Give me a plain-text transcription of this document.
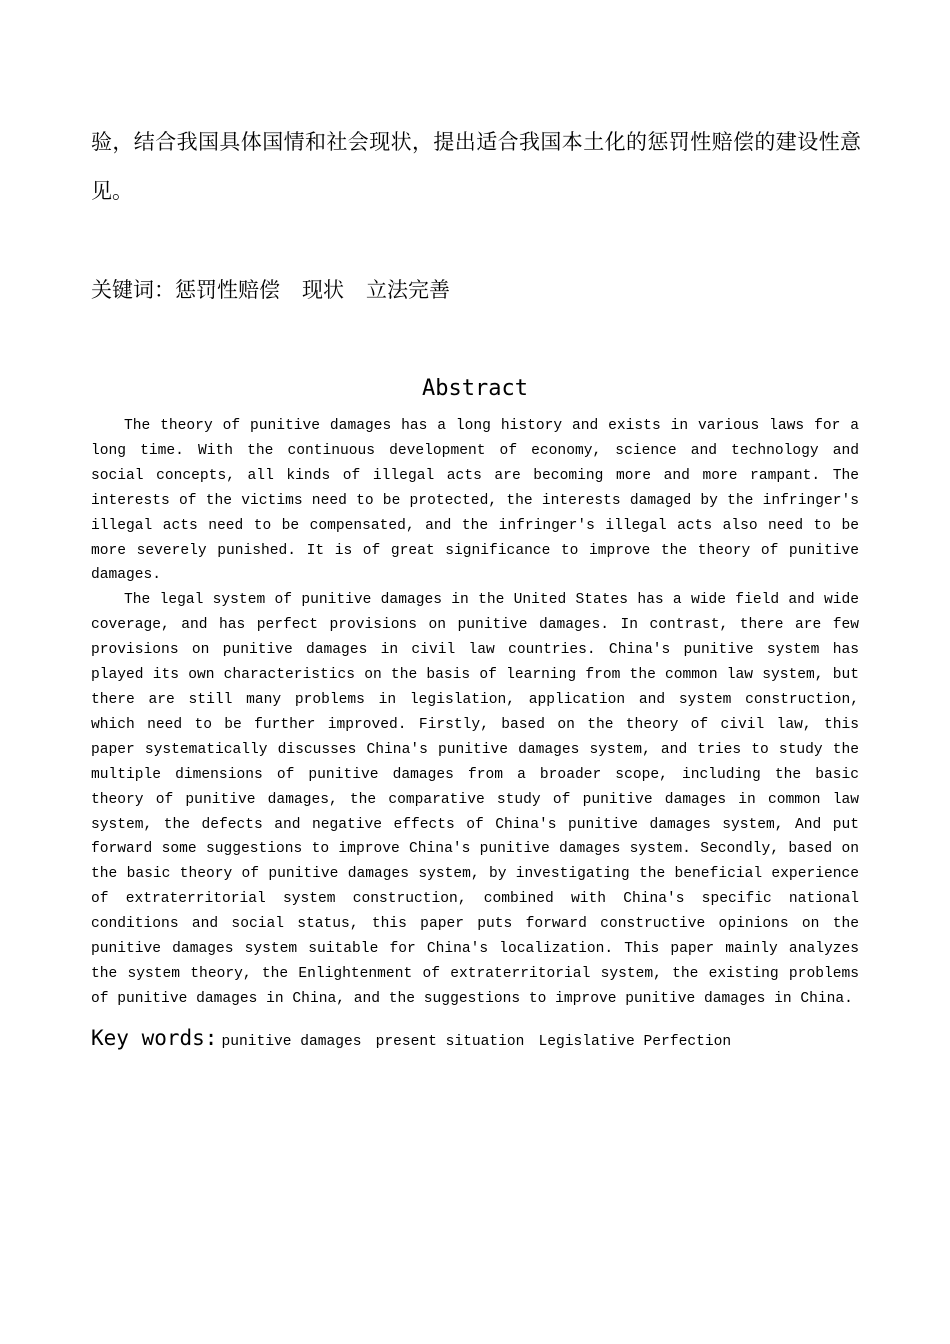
验，结合我国具体国情和社会现状，提出适合我国本土化的惩罚性赔偿的建设性意见。

关键词：惩罚性赔偿 现状 立法完善

Abstract

The theory of punitive damages has a long history and exists in various laws for a long time. With the continuous development of economy, science and technology and social concepts, all kinds of illegal acts are becoming more and more rampant. The interests of the victims need to be protected, the interests damaged by the infringer's illegal acts need to be compensated, and the infringer's illegal acts also need to be more severely punished. It is of great significance to improve the theory of punitive damages.

The legal system of punitive damages in the United States has a wide field and wide coverage, and has perfect provisions on punitive damages. In contrast, there are few provisions on punitive damages in civil law countries. China's punitive system has played its own characteristics on the basis of learning from the common law system, but there are still many problems in legislation, application and system construction, which need to be further improved. Firstly, based on the theory of civil law, this paper systematically discusses China's punitive damages system, and tries to study the multiple dimensions of punitive damages from a broader scope, including the basic theory of punitive damages, the comparative study of punitive damages in common law system, the defects and negative effects of China's punitive damages system, And put forward some suggestions to improve China's punitive damages system. Secondly, based on the basic theory of punitive damages system, by investigating the beneficial experience of extraterritorial system construction, combined with China's specific national conditions and social status, this paper puts forward constructive opinions on the punitive damages system suitable for China's localization. This paper mainly analyzes the system theory, the Enlightenment of extraterritorial system, the existing problems of punitive damages in China, and the suggestions to improve punitive damages in China.

Key words: punitive damages present situation Legislative Perfection
